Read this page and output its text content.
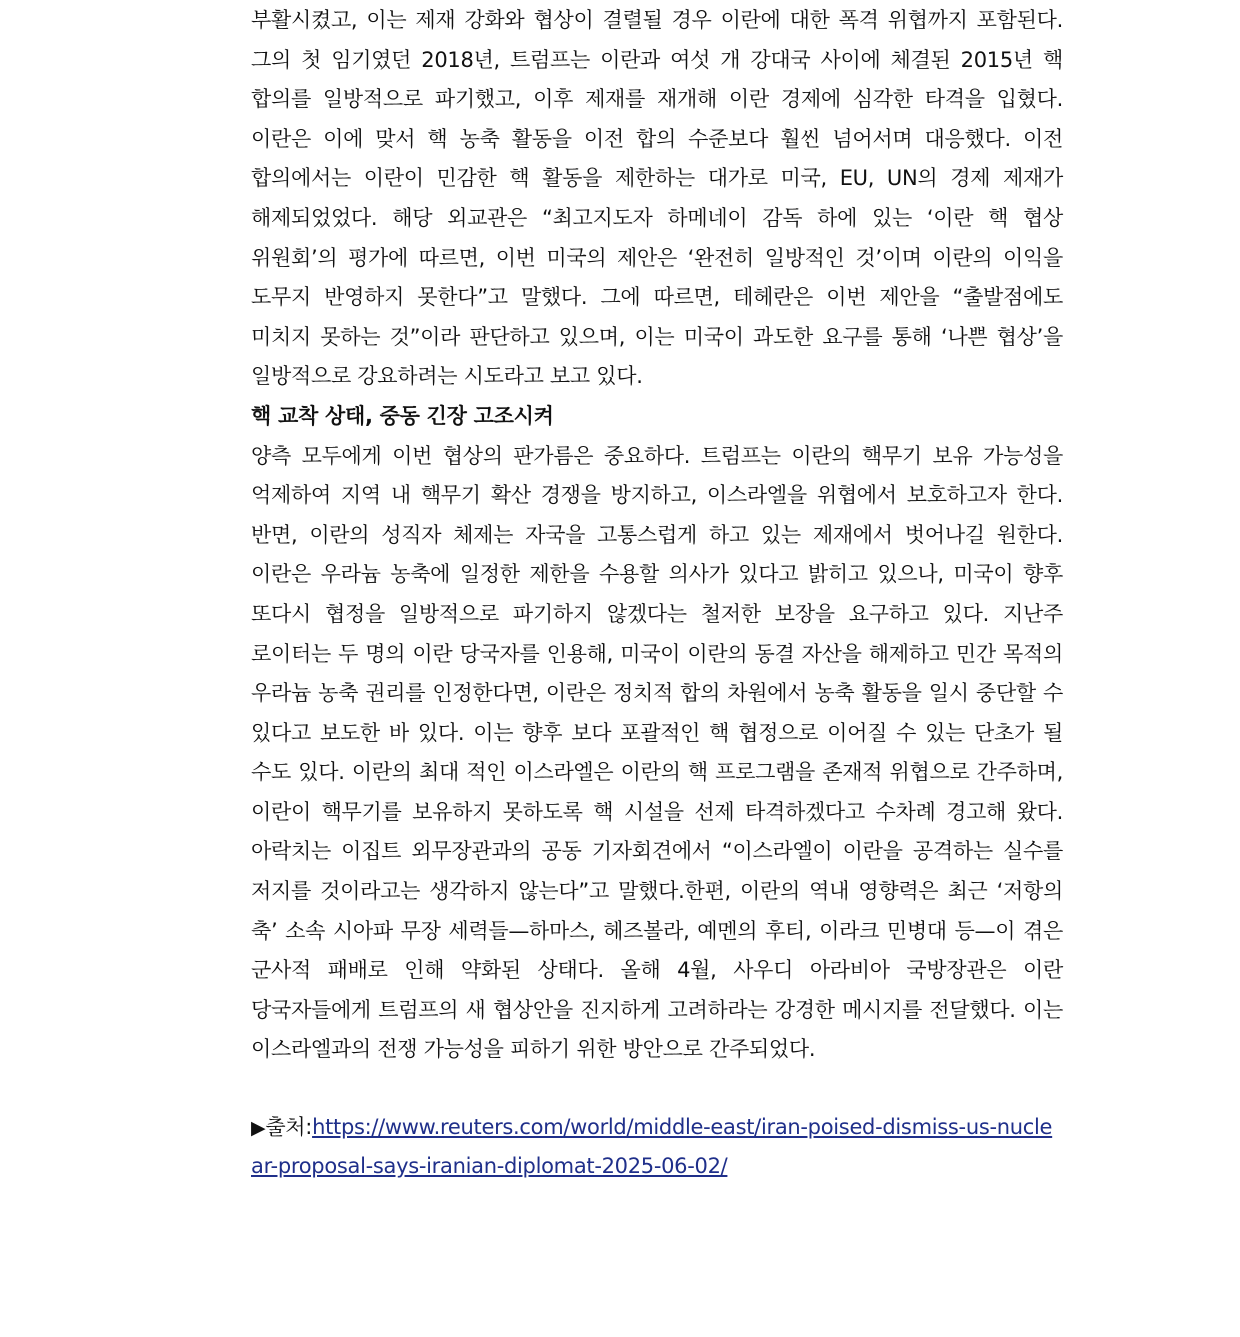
부활시켰고, 이는 제재 강화와 협상이 결렬될 경우 이란에 대한 폭격 위협까지 포함된다. 그의 첫 임기였던 2018년, 트럼프는 이란과 여섯 개 강대국 사이에 체결된 2015년 핵 합의를 일방적으로 파기했고, 이후 제재를 재개해 이란 경제에 심각한 타격을 입혔다. 이란은 이에 맞서 핵 농축 활동을 이전 합의 수준보다 훨씬 넘어서며 대응했다. 이전 합의에서는 이란이 민감한 핵 활동을 제한하는 대가로 미국, EU, UN의 경제 제재가 해제되었었다. 해당 외교관은 “최고지도자 하메네이 감독 하에 있는 ‘이란 핵 협상 위원회’의 평가에 따르면, 이번 미국의 제안은 ‘완전히 일방적인 것’이며 이란의 이익을 도무지 반영하지 못한다”고 말했다. 그에 따르면, 테헤란은 이번 제안을 “출발점에도 미치지 못하는 것”이라 판단하고 있으며, 이는 미국이 과도한 요구를 통해 ‘나쁜 협상’을 일방적으로 강요하려는 시도라고 보고 있다.

핵 교착 상태, 중동 긴장 고조시켜

양측 모두에게 이번 협상의 판가름은 중요하다. 트럼프는 이란의 핵무기 보유 가능성을 억제하여 지역 내 핵무기 확산 경쟁을 방지하고, 이스라엘을 위협에서 보호하고자 한다. 반면, 이란의 성직자 체제는 자국을 고통스럽게 하고 있는 제재에서 벗어나길 원한다. 이란은 우라늄 농축에 일정한 제한을 수용할 의사가 있다고 밝히고 있으나, 미국이 향후 또다시 협정을 일방적으로 파기하지 않겠다는 철저한 보장을 요구하고 있다. 지난주 로이터는 두 명의 이란 당국자를 인용해, 미국이 이란의 동결 자산을 해제하고 민간 목적의 우라늄 농축 권리를 인정한다면, 이란은 정치적 합의 차원에서 농축 활동을 일시 중단할 수 있다고 보도한 바 있다. 이는 향후 보다 포괄적인 핵 협정으로 이어질 수 있는 단초가 될 수도 있다. 이란의 최대 적인 이스라엘은 이란의 핵 프로그램을 존재적 위협으로 간주하며, 이란이 핵무기를 보유하지 못하도록 핵 시설을 선제 타격하겠다고 수차례 경고해 왔다. 아락치는 이집트 외무장관과의 공동 기자회견에서 “이스라엘이 이란을 공격하는 실수를 저지를 것이라고는 생각하지 않는다”고 말했다.한편, 이란의 역내 영향력은 최근 ‘저항의 축’ 소속 시아파 무장 세력들—하마스, 헤즈볼라, 예멘의 후티, 이라크 민병대 등—이 겪은 군사적 패배로 인해 약화된 상태다. 올해 4월, 사우디 아라비아 국방장관은 이란 당국자들에게 트럼프의 새 협상안을 진지하게 고려하라는 강경한 메시지를 전달했다. 이는 이스라엘과의 전쟁 가능성을 피하기 위한 방안으로 간주되었다.

▶출처:https://www.reuters.com/world/middle-east/iran-poised-dismiss-us-nuclear-proposal-says-iranian-diplomat-2025-06-02/
